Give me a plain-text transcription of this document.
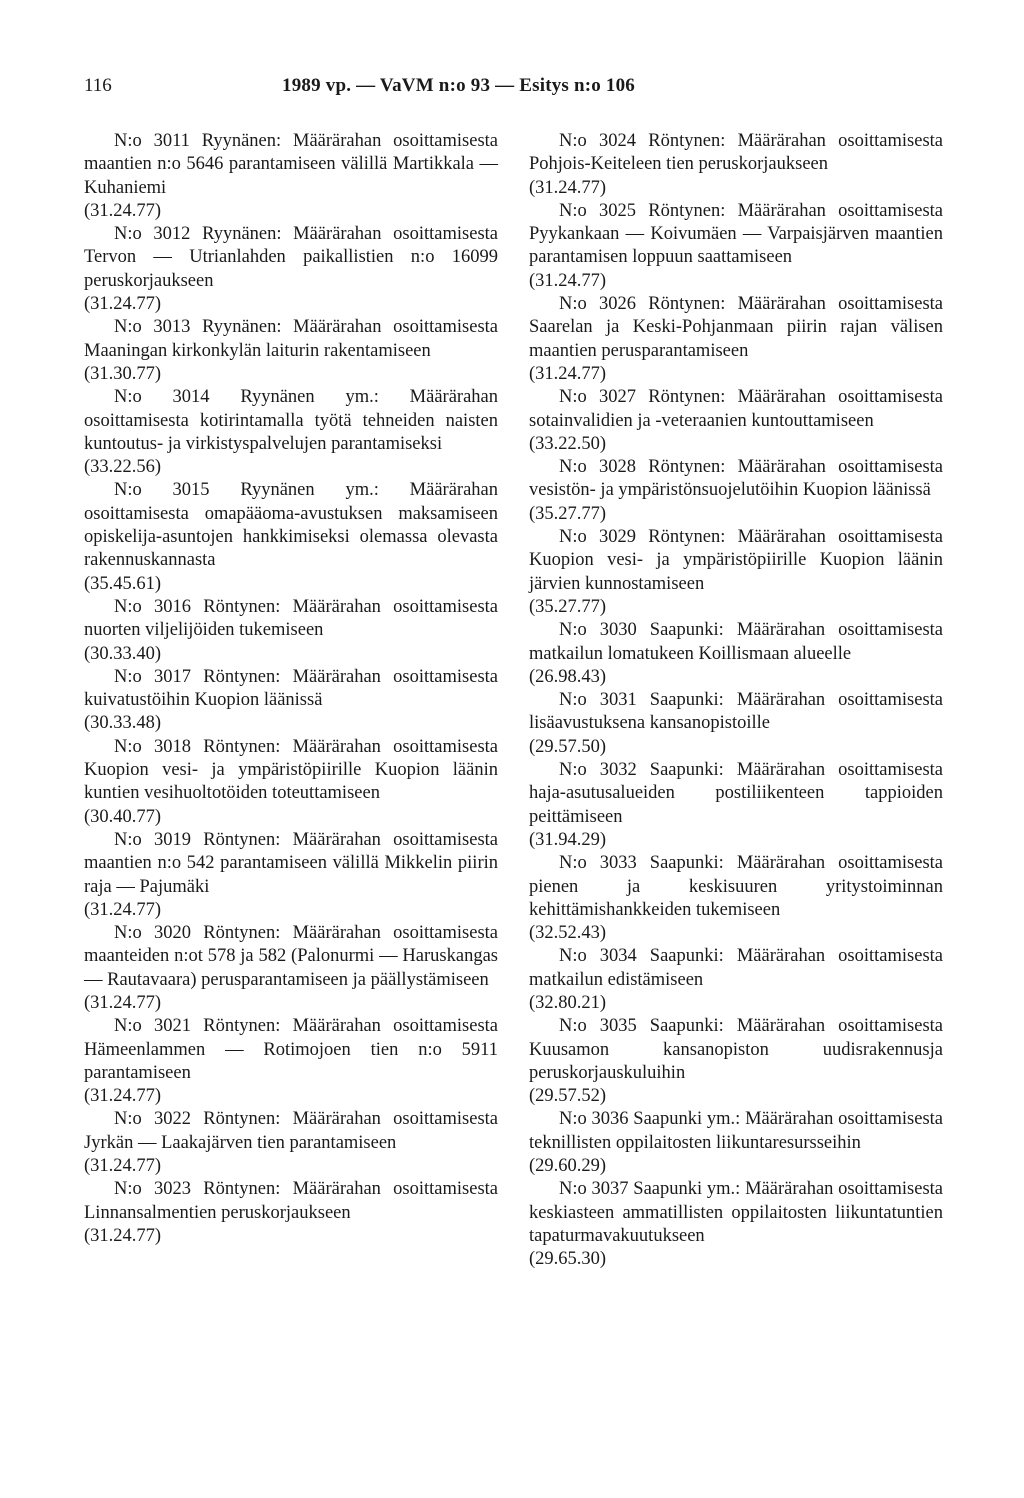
116	1989 vp. — VaVM n:o 93 — Esitys n:o 106

N:o 3011 Ryynänen: Määrärahan osoittamisesta maantien n:o 5646 parantamiseen välillä Martikkala — Kuhaniemi

(31.24.77)

N:o 3012 Ryynänen: Määrärahan osoittamisesta Tervon — Utrianlahden paikallistien n:o 16099 peruskorjaukseen

(31.24.77)

N:o 3013 Ryynänen: Määrärahan osoittamisesta Maaningan kirkonkylän laiturin rakentamiseen

(31.30.77)

N:o 3014 Ryynänen ym.: Määrärahan osoittamisesta kotirintamalla työtä tehneiden naisten kuntoutus- ja virkistyspalvelujen parantamiseksi

(33.22.56)

N:o 3015 Ryynänen ym.: Määrärahan osoittamisesta omapääoma-avustuksen maksamiseen opiskelija-asuntojen hankkimiseksi olemassa olevasta rakennuskannasta

(35.45.61)

N:o 3016 Röntynen: Määrärahan osoittamisesta nuorten viljelijöiden tukemiseen

(30.33.40)

N:o 3017 Röntynen: Määrärahan osoittamisesta kuivatustöihin Kuopion läänissä

(30.33.48)

N:o 3018 Röntynen: Määrärahan osoittamisesta Kuopion vesi- ja ympäristöpiirille Kuopion läänin kuntien vesihuoltotöiden toteuttamiseen

(30.40.77)

N:o 3019 Röntynen: Määrärahan osoittamisesta maantien n:o 542 parantamiseen välillä Mikkelin piirin raja — Pajumäki

(31.24.77)

N:o 3020 Röntynen: Määrärahan osoittamisesta maanteiden n:ot 578 ja 582 (Palonurmi — Haruskangas — Rautavaara) perusparantamiseen ja päällystämiseen

(31.24.77)

N:o 3021 Röntynen: Määrärahan osoittamisesta Hämeenlammen — Rotimojoen tien n:o 5911 parantamiseen

(31.24.77)

N:o 3022 Röntynen: Määrärahan osoittamisesta Jyrkän — Laakajärven tien parantamiseen

(31.24.77)

N:o 3023 Röntynen: Määrärahan osoittamisesta Linnansalmentien peruskorjaukseen

(31.24.77)

N:o 3024 Röntynen: Määrärahan osoittamisesta Pohjois-Keiteleen tien peruskorjaukseen

(31.24.77)

N:o 3025 Röntynen: Määrärahan osoittamisesta Pyykankaan — Koivumäen — Varpaisjärven maantien parantamisen loppuun saattamiseen

(31.24.77)

N:o 3026 Röntynen: Määrärahan osoittamisesta Saarelan ja Keski-Pohjanmaan piirin rajan välisen maantien perusparantamiseen

(31.24.77)

N:o 3027 Röntynen: Määrärahan osoittamisesta sotainvalidien ja -veteraanien kuntouttamiseen

(33.22.50)

N:o 3028 Röntynen: Määrärahan osoittamisesta vesistön- ja ympäristönsuojelutöihin Kuopion läänissä

(35.27.77)

N:o 3029 Röntynen: Määrärahan osoittamisesta Kuopion vesi- ja ympäristöpiirille Kuopion läänin järvien kunnostamiseen

(35.27.77)

N:o 3030 Saapunki: Määrärahan osoittamisesta matkailun lomatukeen Koillismaan alueelle

(26.98.43)

N:o 3031 Saapunki: Määrärahan osoittamisesta lisäavustuksena kansanopistoille

(29.57.50)

N:o 3032 Saapunki: Määrärahan osoittamisesta haja-asutusalueiden postiliikenteen tappioiden peittämiseen

(31.94.29)

N:o 3033 Saapunki: Määrärahan osoittamisesta pienen ja keskisuuren yritystoiminnan kehittämishankkeiden tukemiseen

(32.52.43)

N:o 3034 Saapunki: Määrärahan osoittamisesta matkailun edistämiseen

(32.80.21)

N:o 3035 Saapunki: Määrärahan osoittamisesta Kuusamon kansanopiston uudisrakennusja peruskorjauskuluihin

(29.57.52)

N:o 3036 Saapunki ym.: Määrärahan osoittamisesta teknillisten oppilaitosten liikuntaresursseihin

(29.60.29)

N:o 3037 Saapunki ym.: Määrärahan osoittamisesta keskiasteen ammatillisten oppilaitosten liikuntatuntien tapaturmavakuutukseen

(29.65.30)
